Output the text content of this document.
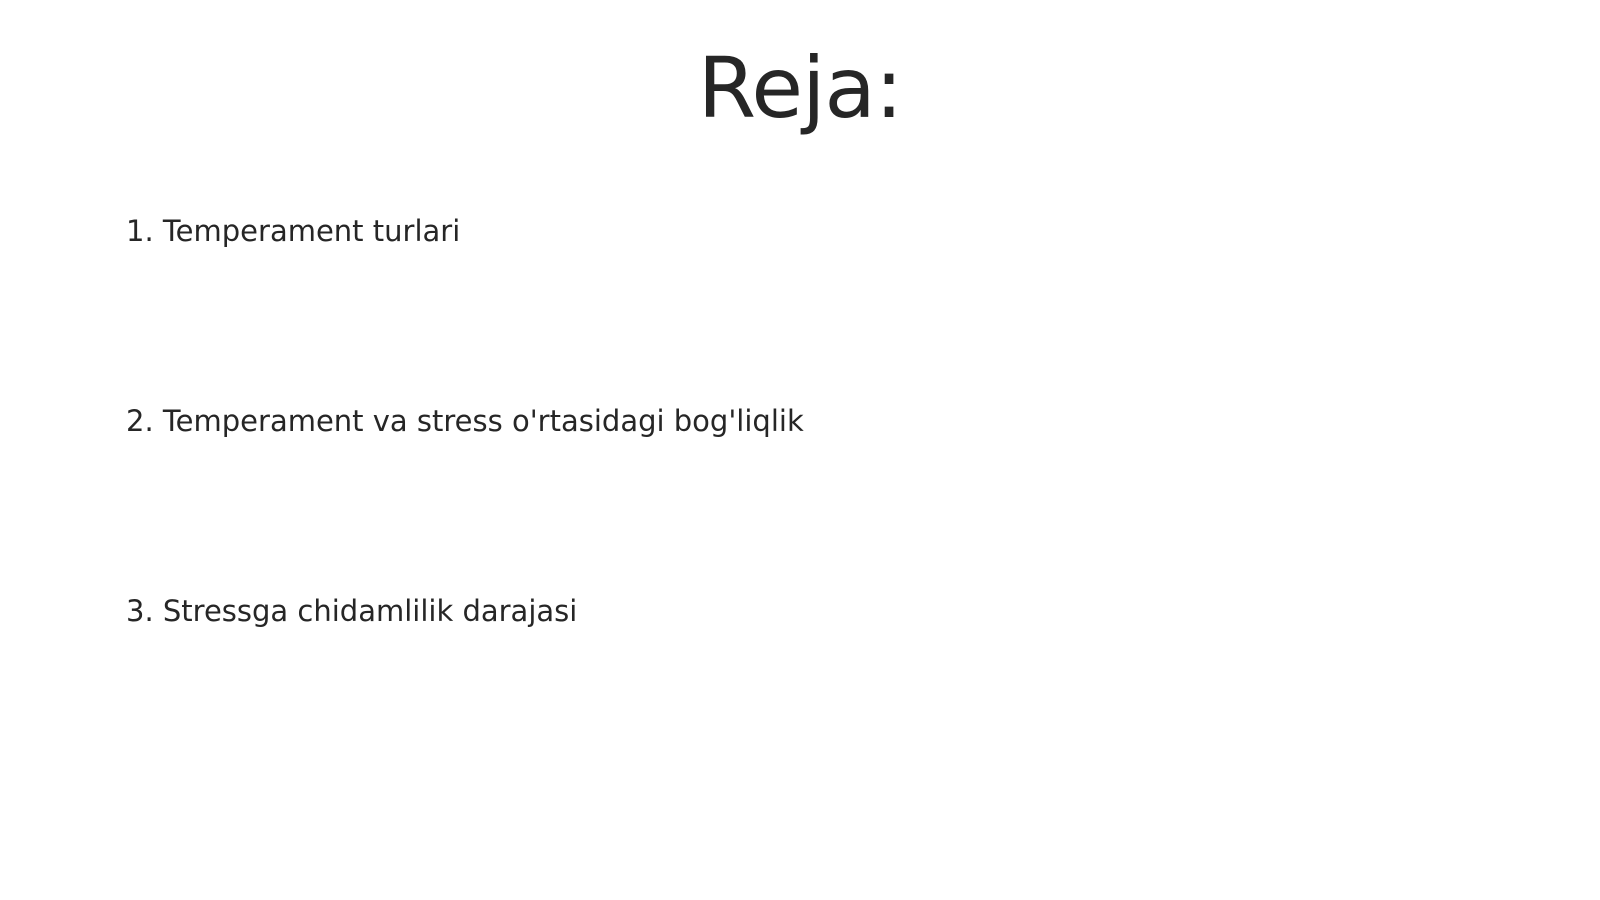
Reja:

1. Temperament turlari

2. Temperament va stress o'rtasidagi bog'liqlik

3. Stressga chidamlilik darajasi
